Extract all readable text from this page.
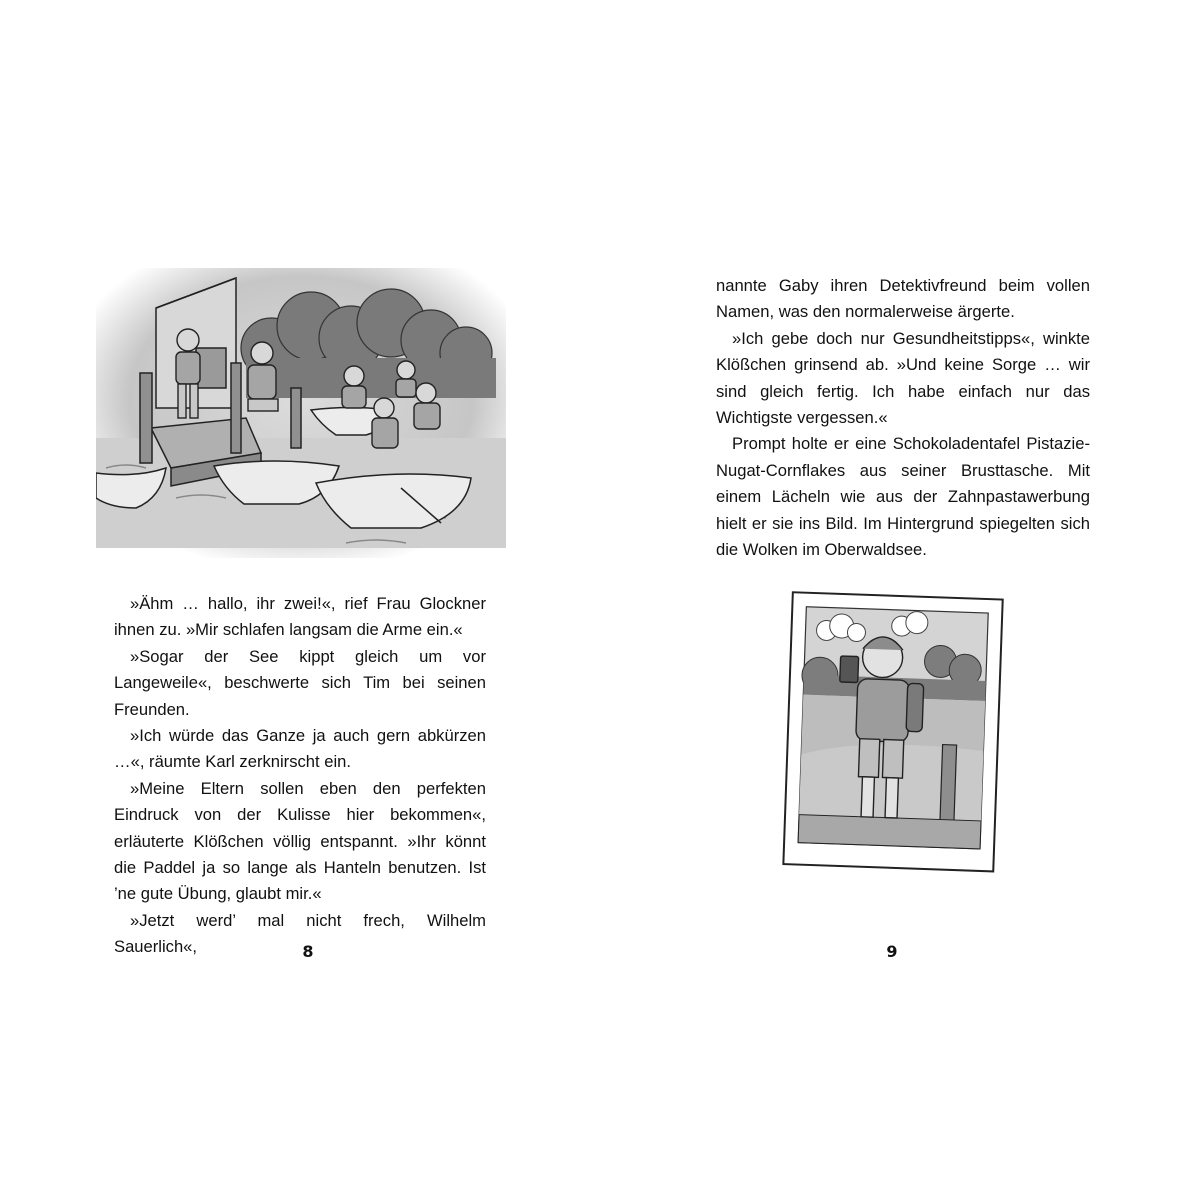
»Ähm … hallo, ihr zwei!«, rief Frau Glockner ihnen zu. »Mir schlafen langsam die Arme ein.«

»Sogar der See kippt gleich um vor Langeweile«, beschwerte sich Tim bei seinen Freunden.

»Ich würde das Ganze ja auch gern abkürzen …«, räumte Karl zerknirscht ein.

»Meine Eltern sollen eben den perfekten Eindruck von der Kulisse hier bekommen«, erläuterte Klößchen völlig entspannt. »Ihr könnt die Paddel ja so lange als Hanteln benutzen. Ist ’ne gute Übung, glaubt mir.«

»Jetzt werd’ mal nicht frech, Wilhelm Sauerlich«,	8

nannte Gaby ihren Detektivfreund beim vollen Namen, was den normalerweise ärgerte.

»Ich gebe doch nur Gesundheitstipps«, winkte Klößchen grinsend ab. »Und keine Sorge … wir sind gleich fertig. Ich habe einfach nur das Wichtigste vergessen.«

Prompt holte er eine Schokoladentafel Pistazie-Nugat-Cornflakes aus seiner Brusttasche. Mit einem Lächeln wie aus der Zahnpastawerbung hielt er sie ins Bild. Im Hintergrund spiegelten sich die Wolken im Oberwaldsee.

9
